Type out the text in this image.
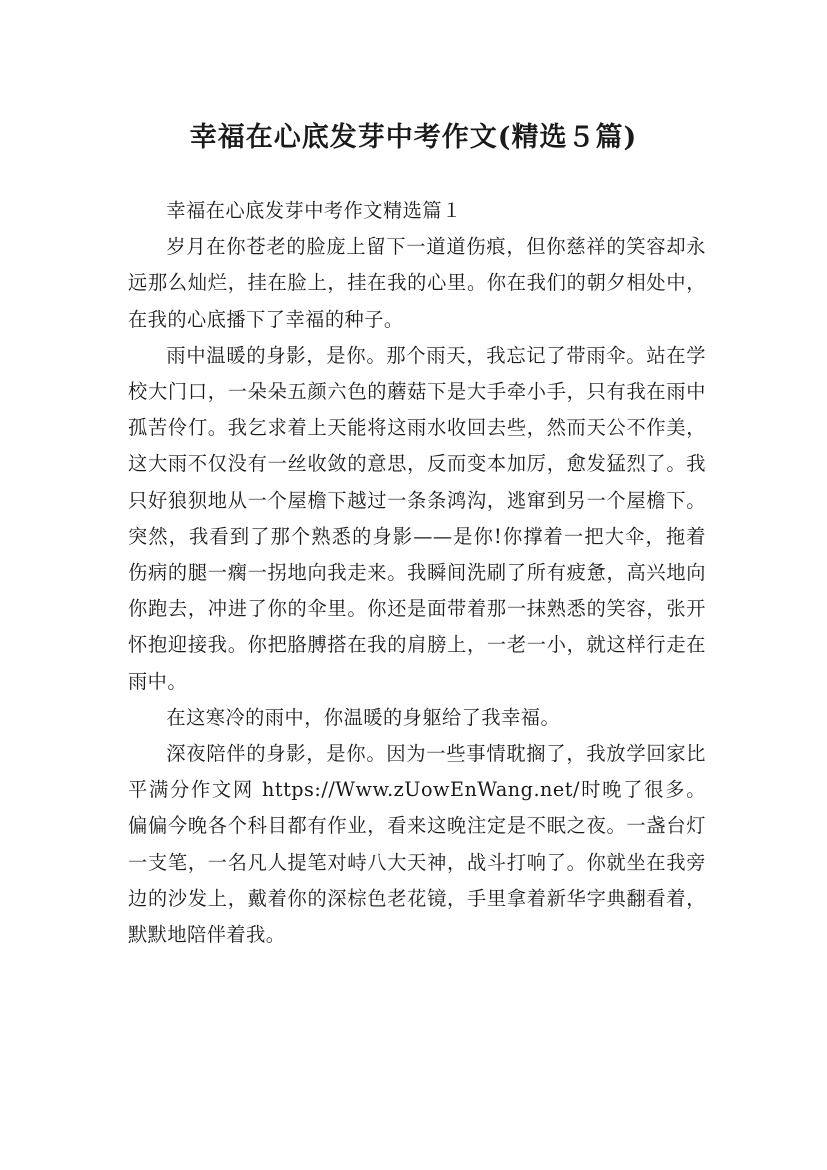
幸福在心底发芽中考作文(精选５篇)

幸福在心底发芽中考作文精选篇１

岁月在你苍老的脸庞上留下一道道伤痕，但你慈祥的笑容却永远那么灿烂，挂在脸上，挂在我的心里。你在我们的朝夕相处中，在我的心底播下了幸福的种子。

雨中温暖的身影，是你。那个雨天，我忘记了带雨伞。站在学校大门口，一朵朵五颜六色的蘑菇下是大手牵小手，只有我在雨中孤苦伶仃。我乞求着上天能将这雨水收回去些，然而天公不作美，这大雨不仅没有一丝收敛的意思，反而变本加厉，愈发猛烈了。我只好狼狈地从一个屋檐下越过一条条鸿沟，逃窜到另一个屋檐下。突然，我看到了那个熟悉的身影——是你!你撑着一把大伞，拖着伤病的腿一瘸一拐地向我走来。我瞬间洗刷了所有疲惫，高兴地向你跑去，冲进了你的伞里。你还是面带着那一抹熟悉的笑容，张开怀抱迎接我。你把胳膊搭在我的肩膀上，一老一小，就这样行走在雨中。

在这寒冷的雨中，你温暖的身躯给了我幸福。

深夜陪伴的身影，是你。因为一些事情耽搁了，我放学回家比平满分作文网 https://Www.zUowEnWang.net/时晚了很多。偏偏今晚各个科目都有作业，看来这晚注定是不眠之夜。一盏台灯一支笔，一名凡人提笔对峙八大天神，战斗打响了。你就坐在我旁边的沙发上，戴着你的深棕色老花镜，手里拿着新华字典翻看着，默默地陪伴着我。
